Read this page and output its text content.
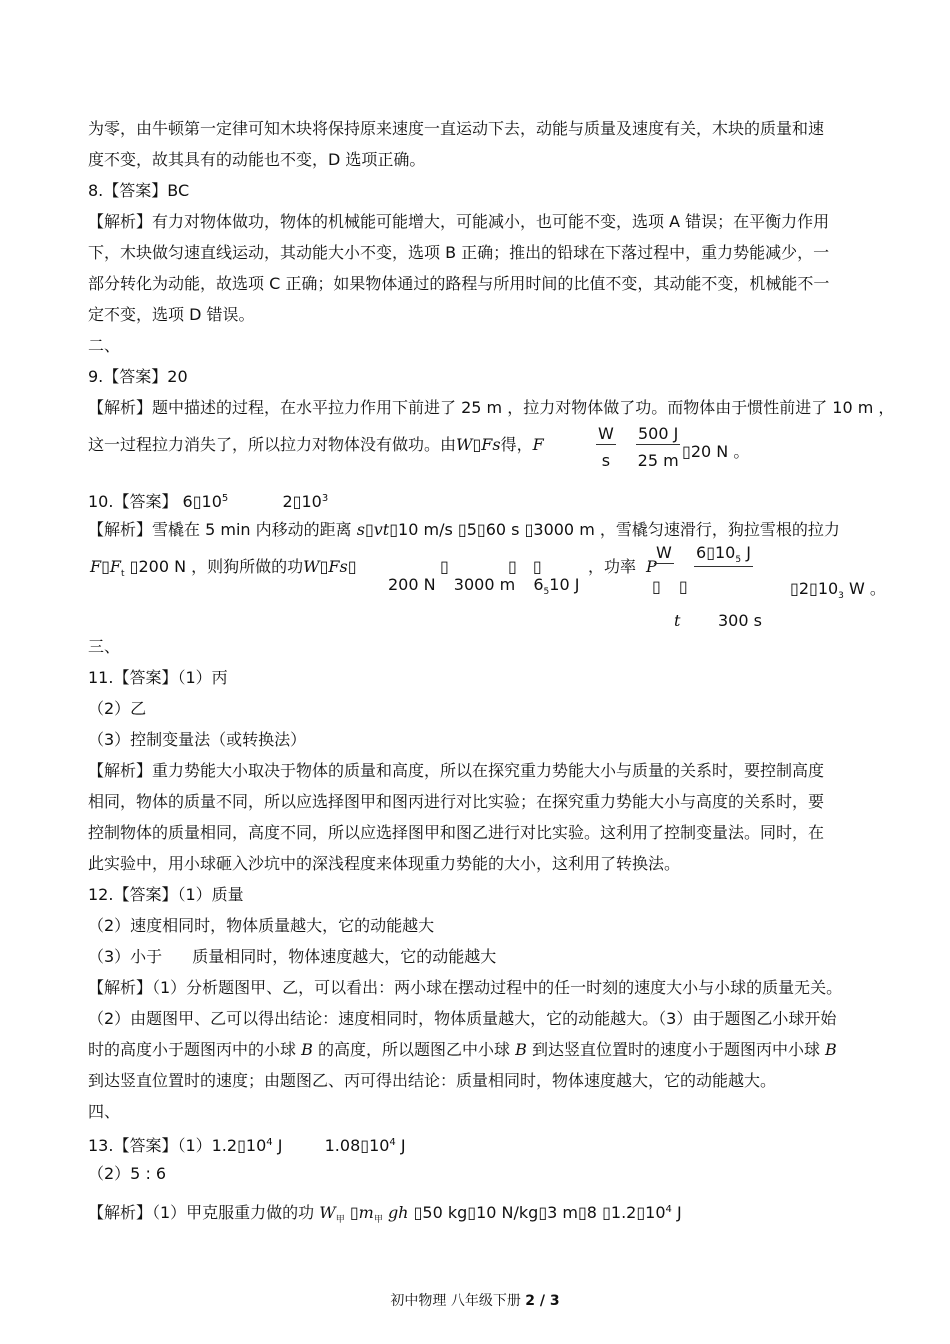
为零，由牛顿第一定律可知木块将保持原来速度一直运动下去，动能与质量及速度有关，木块的质量和速
度不变，故其具有的动能也不变，D 选项正确。
8.【答案】BC
【解析】有力对物体做功，物体的机械能可能增大，可能减小，也可能不变，选项 A 错误；在平衡力作用
下，木块做匀速直线运动，其动能大小不变，选项 B 正确；推出的铅球在下落过程中，重力势能减少，一
部分转化为动能，故选项 C 正确；如果物体通过的路程与所用时间的比值不变，其动能不变，机械能不一
定不变，选项 D 错误。
二、
9.【答案】20
【解析】题中描述的过程，在水平拉力作用下前进了 25 m ，拉力对物体做了功。而物体由于惯性前进了 10 m ，
这一过程拉力消失了，所以拉力对物体没有做功。由W▯Fs得，F	$\frac{W}{s} \frac{500 J}{25 m}$ ▯20 N 。
10.【答案】 $6▯10^5$	$2▯10^3$
【解析】雪橇在 5 min 内移动的距离 s▯vt▯10 m/s ▯5▯60 s ▯3000 m ，雪橇匀速滑行，狗拉雪根的拉力
$F▯F_t$ ▯200 N ，则狗所做的功W▯Fs▯	▯	▯ ▯	，功率 P
W $6▯10_5$ J
$▯2▯10_3$ W 。
200 N 3000 m $6_510$ J	▯ ▯
t 300 s
三、
11.【答案】（1）丙
（2）乙
（3）控制变量法（或转换法）
【解析】重力势能大小取决于物体的质量和高度，所以在探究重力势能大小与质量的关系时，要控制高度
相同，物体的质量不同，所以应选择图甲和图丙进行对比实验；在探究重力势能大小与高度的关系时，要
控制物体的质量相同，高度不同，所以应选择图甲和图乙进行对比实验。这利用了控制变量法。同时，在
此实验中，用小球砸入沙坑中的深浅程度来体现重力势能的大小，这利用了转换法。
12.【答案】（1）质量
（2）速度相同时，物体质量越大，它的动能越大
（3）小于 质量相同时，物体速度越大，它的动能越大
【解析】（1）分析题图甲、乙，可以看出：两小球在摆动过程中的任一时刻的速度大小与小球的质量无关。
（2）由题图甲、乙可以得出结论：速度相同时，物体质量越大，它的动能越大。（3）由于题图乙小球开始
时的高度小于题图丙中的小球 B 的高度，所以题图乙中小球 B 到达竖直位置时的速度小于题图丙中小球 B
到达竖直位置时的速度；由题图乙、丙可得出结论：质量相同时，物体速度越大，它的动能越大。
四、
13.【答案】$(1)1.2▯10^4$ J	$1.08▯10^4$ J
（2）5 : 6
【解析】（1）甲克服重力做的功 $W_甲$ $▯m_甲$ gh ▯50 kg▯10 N/kg▯3 m▯8 $▯1.2▯10^4$ J
初中物理 八年级下册 2 / 3
